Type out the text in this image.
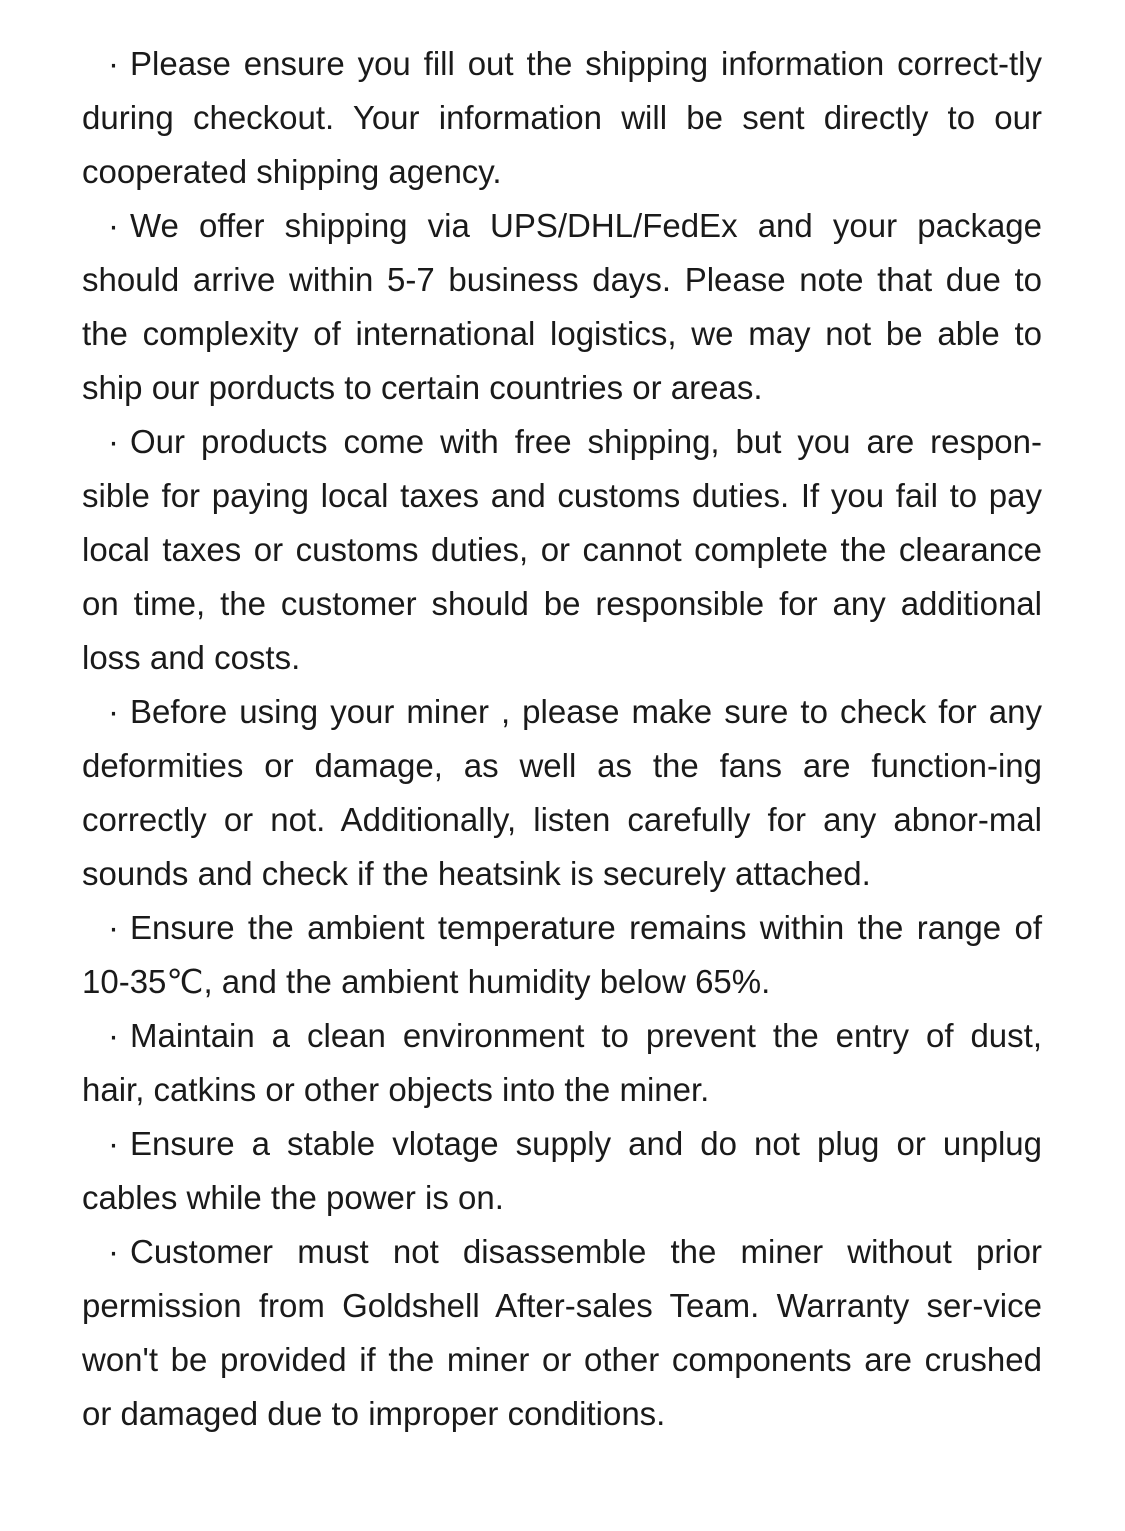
· Please ensure you fill out the shipping information correct-tly during checkout. Your information will be sent directly to our cooperated shipping agency.

· We offer shipping via UPS/DHL/FedEx and your package should arrive within 5-7 business days. Please note that due to the complexity of international logistics, we may not be able to ship our porducts to certain countries or areas.

· Our products come with free shipping, but you are respon-sible for paying local taxes and customs duties. If you fail to pay local taxes or customs duties, or cannot complete the clearance on time, the customer should be responsible for any additional loss and costs.

· Before using your miner , please make sure to check for any deformities or damage, as well as the fans are function-ing correctly or not. Additionally, listen carefully for any abnor-mal sounds and check if the heatsink is securely attached.

· Ensure the ambient temperature remains within the range of 10-35℃, and the ambient humidity below 65%.

· Maintain a clean environment to prevent the entry of dust, hair, catkins or other objects into the miner.

· Ensure a stable vlotage supply and do not plug or unplug cables while the power is on.

· Customer must not disassemble the miner without prior permission from Goldshell After-sales Team. Warranty ser-vice won't be provided if the miner or other components are crushed or damaged due to improper conditions.
